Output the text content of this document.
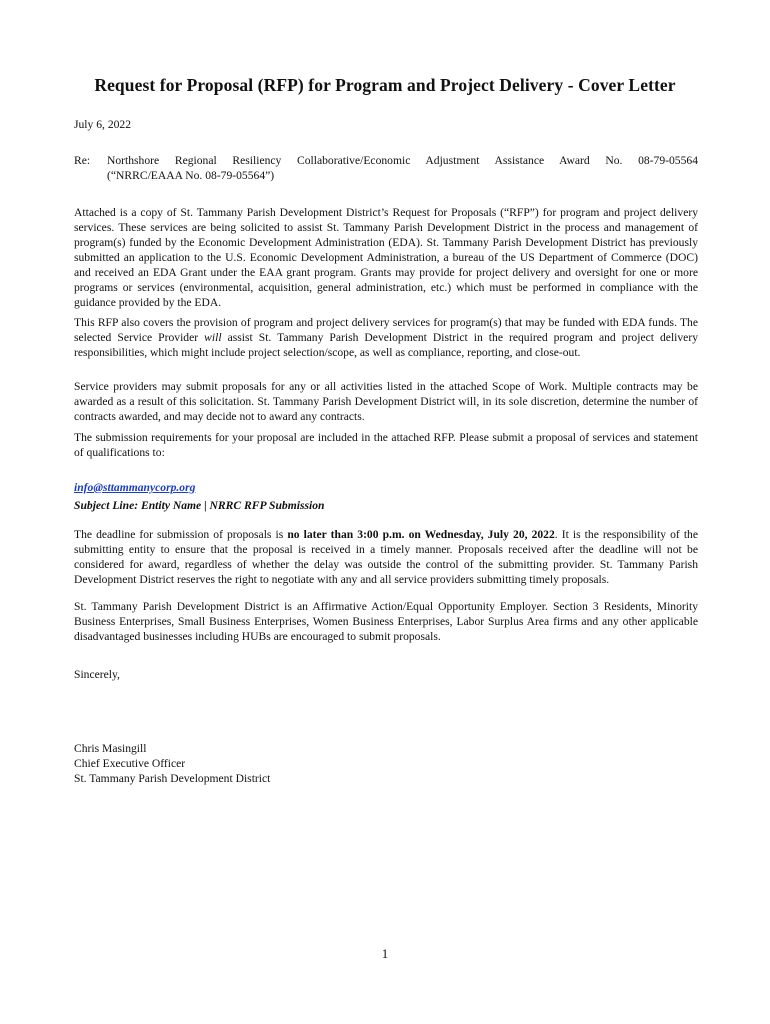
Request for Proposal (RFP) for Program and Project Delivery - Cover Letter
July 6, 2022
Re:	Northshore Regional Resiliency Collaborative/Economic Adjustment Assistance Award No. 08-79-05564
(“NRRC/EAAA No. 08-79-05564”)
Attached is a copy of St. Tammany Parish Development District’s Request for Proposals (“RFP”) for program and project delivery services. These services are being solicited to assist St. Tammany Parish Development District in the process and management of program(s) funded by the Economic Development Administration (EDA). St. Tammany Parish Development District has previously submitted an application to the U.S. Economic Development Administration, a bureau of the US Department of Commerce (DOC) and received an EDA Grant under the EAA grant program. Grants may provide for project delivery and oversight for one or more programs or services (environmental, acquisition, general administration, etc.) which must be performed in compliance with the guidance provided by the EDA.
This RFP also covers the provision of program and project delivery services for program(s) that may be funded with EDA funds. The selected Service Provider will assist St. Tammany Parish Development District in the required program and project delivery responsibilities, which might include project selection/scope, as well as compliance, reporting, and close-out.
Service providers may submit proposals for any or all activities listed in the attached Scope of Work. Multiple contracts may be awarded as a result of this solicitation. St. Tammany Parish Development District will, in its sole discretion, determine the number of contracts awarded, and may decide not to award any contracts.
The submission requirements for your proposal are included in the attached RFP. Please submit a proposal of services and statement of qualifications to:
info@sttammanycorp.org
Subject Line: Entity Name | NRRC RFP Submission
The deadline for submission of proposals is no later than 3:00 p.m. on Wednesday, July 20, 2022. It is the responsibility of the submitting entity to ensure that the proposal is received in a timely manner. Proposals received after the deadline will not be considered for award, regardless of whether the delay was outside the control of the submitting provider. St. Tammany Parish Development District reserves the right to negotiate with any and all service providers submitting timely proposals.
St. Tammany Parish Development District is an Affirmative Action/Equal Opportunity Employer. Section 3 Residents, Minority Business Enterprises, Small Business Enterprises, Women Business Enterprises, Labor Surplus Area firms and any other applicable disadvantaged businesses including HUBs are encouraged to submit proposals.
Sincerely,
Chris Masingill
Chief Executive Officer
St. Tammany Parish Development District
1
